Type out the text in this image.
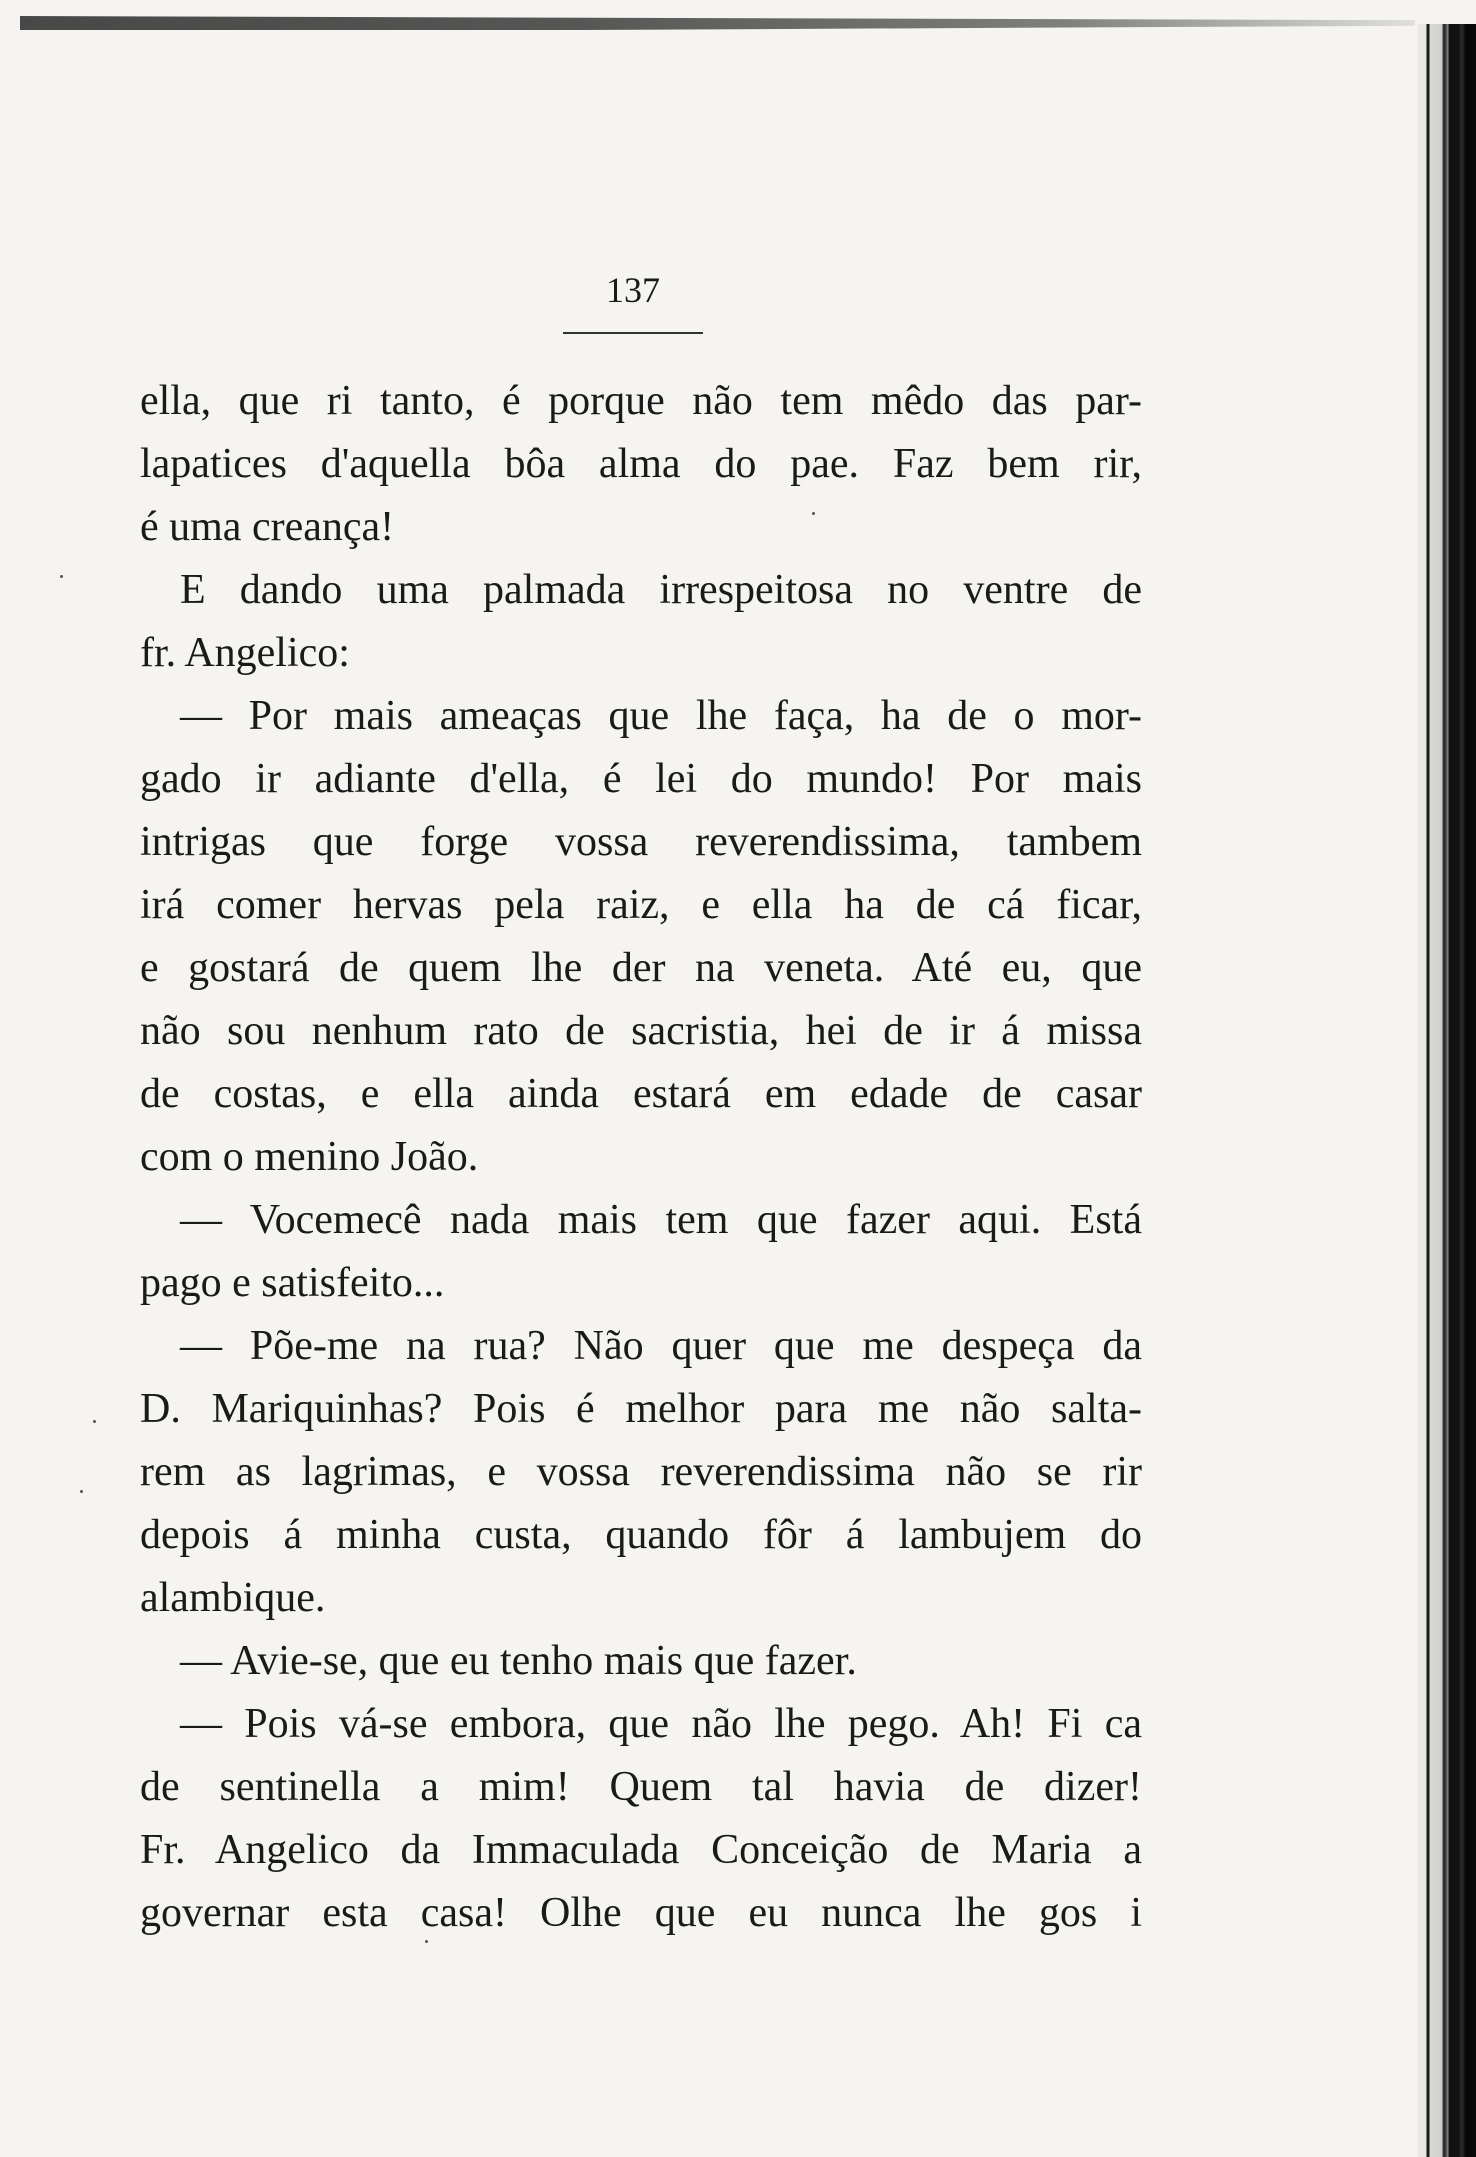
137
ella, que ri tanto, é porque não tem mêdo das par-
lapatices d'aquella bôa alma do pae. Faz bem rir,
é uma creança!
E dando uma palmada irrespeitosa no ventre de
fr. Angelico:
— Por mais ameaças que lhe faça, ha de o mor-
gado ir adiante d'ella, é lei do mundo! Por mais
intrigas que forge vossa reverendissima, tambem
irá comer hervas pela raiz, e ella ha de cá ficar,
e gostará de quem lhe der na veneta. Até eu, que
não sou nenhum rato de sacristia, hei de ir á missa
de costas, e ella ainda estará em edade de casar
com o menino João.
— Vocemecê nada mais tem que fazer aqui. Está
pago e satisfeito...
— Põe-me na rua? Não quer que me despeça da
D. Mariquinhas? Pois é melhor para me não salta-
rem as lagrimas, e vossa reverendissima não se rir
depois á minha custa, quando fôr á lambujem do
alambique.
— Avie-se, que eu tenho mais que fazer.
— Pois vá-se embora, que não lhe pego. Ah! Fi ca
de sentinella a mim! Quem tal havia de dizer!
Fr. Angelico da Immaculada Conceição de Maria a
governar esta casa! Olhe que eu nunca lhe gos i
